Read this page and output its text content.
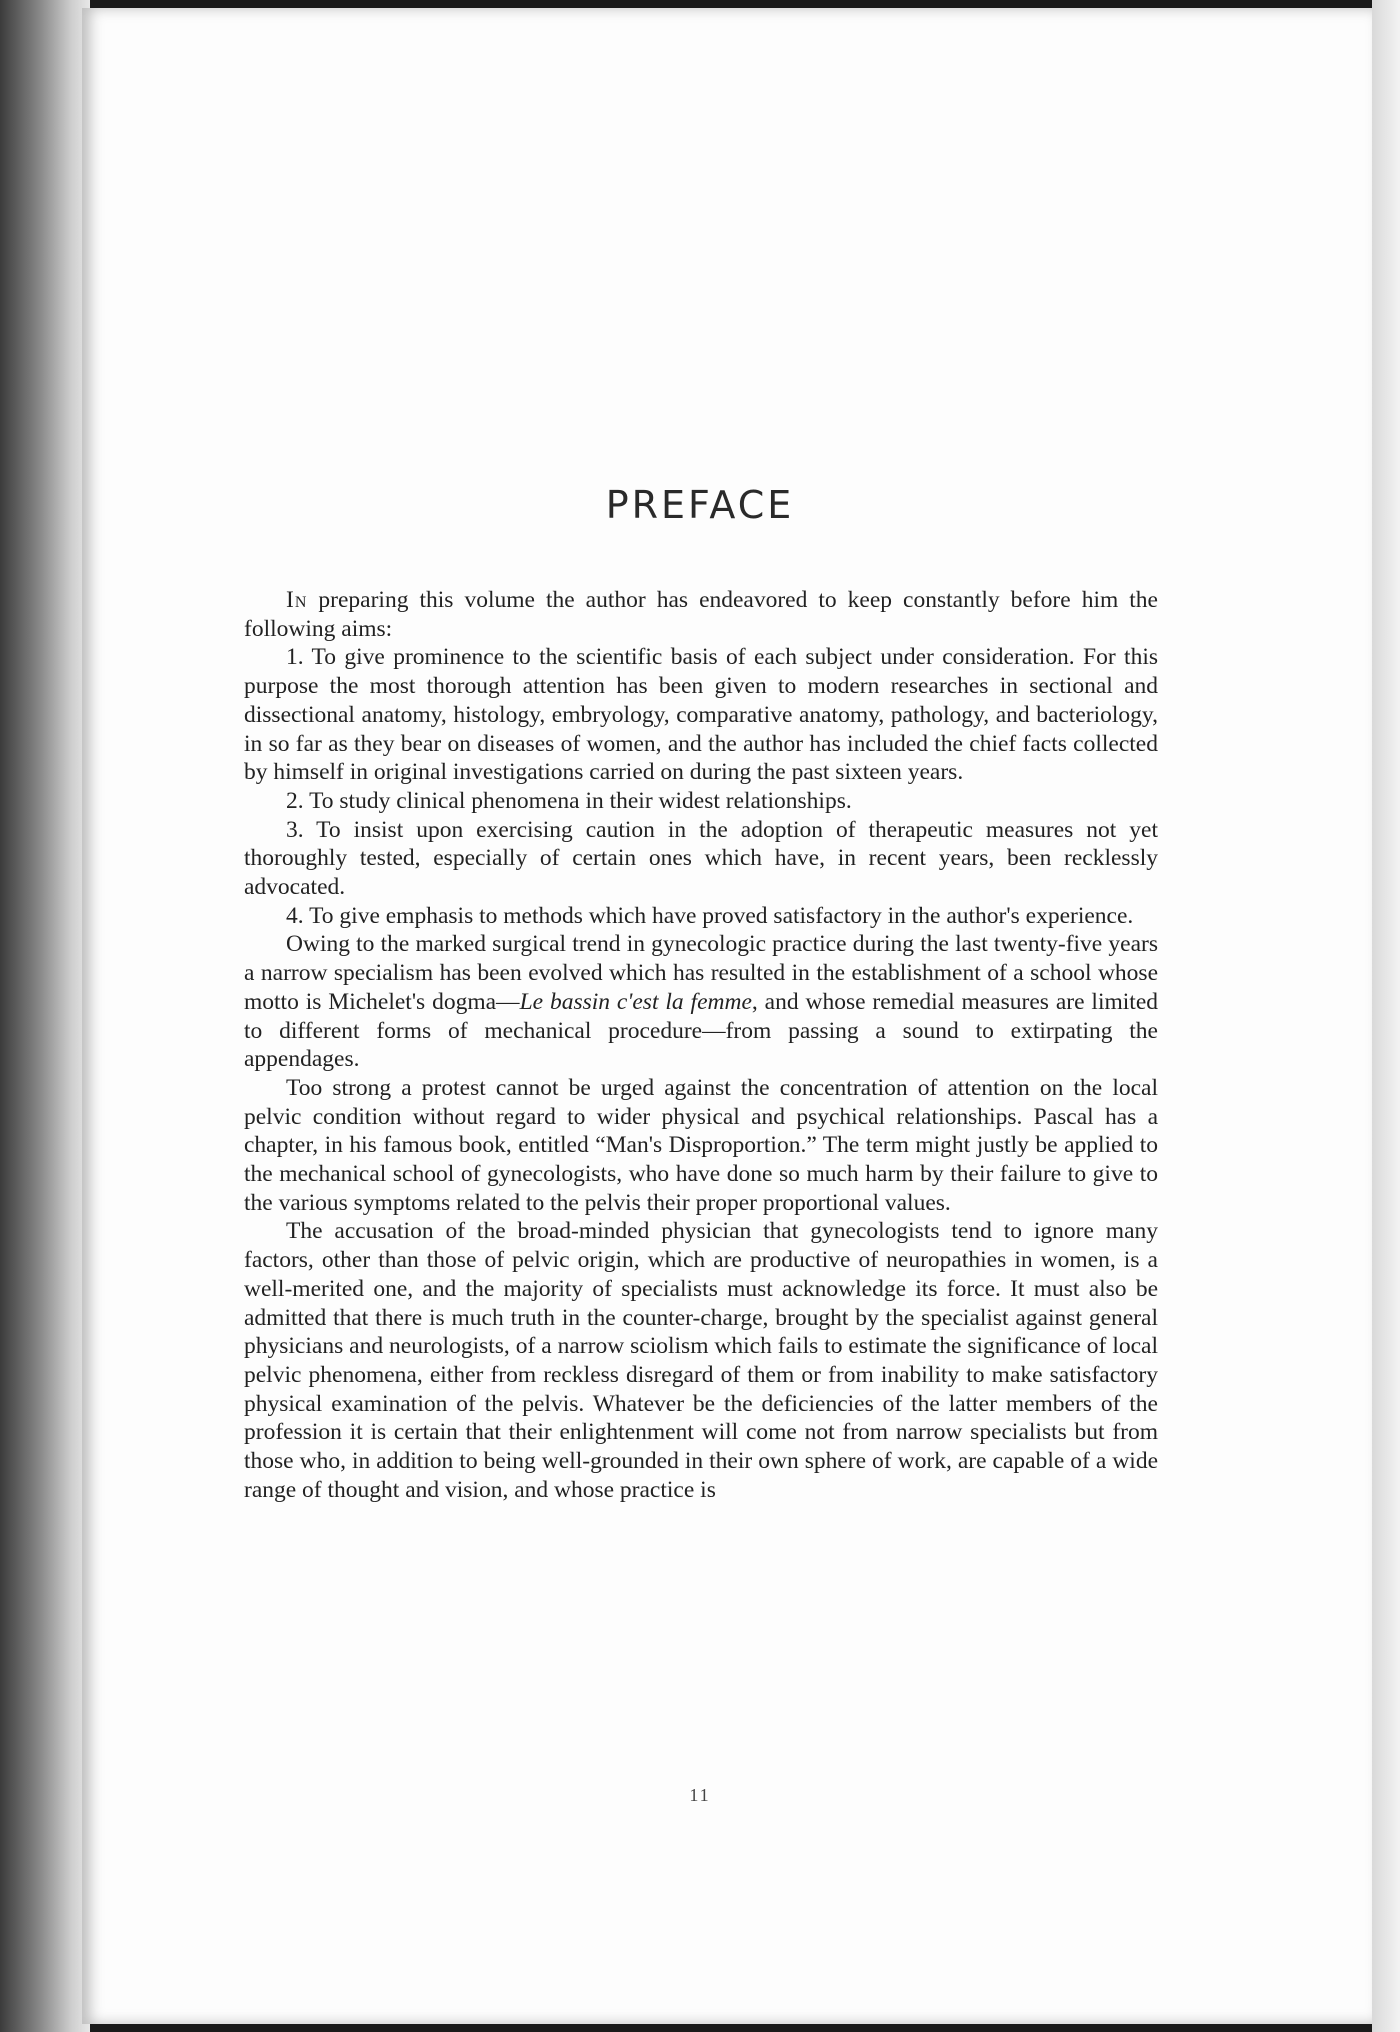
PREFACE

In preparing this volume the author has endeavored to keep constantly before him the following aims:

1. To give prominence to the scientific basis of each subject under consideration. For this purpose the most thorough attention has been given to modern researches in sectional and dissectional anatomy, histology, embryology, comparative anatomy, pathology, and bacteriology, in so far as they bear on diseases of women, and the author has included the chief facts collected by himself in original investigations carried on during the past sixteen years.

2. To study clinical phenomena in their widest relationships.

3. To insist upon exercising caution in the adoption of therapeutic measures not yet thoroughly tested, especially of certain ones which have, in recent years, been recklessly advocated.

4. To give emphasis to methods which have proved satisfactory in the author's experience.

Owing to the marked surgical trend in gynecologic practice during the last twenty-five years a narrow specialism has been evolved which has resulted in the establishment of a school whose motto is Michelet's dogma—Le bassin c'est la femme, and whose remedial measures are limited to different forms of mechanical procedure—from passing a sound to extirpating the appendages.

Too strong a protest cannot be urged against the concentration of attention on the local pelvic condition without regard to wider physical and psychical relationships. Pascal has a chapter, in his famous book, entitled “Man's Disproportion.” The term might justly be applied to the mechanical school of gynecologists, who have done so much harm by their failure to give to the various symptoms related to the pelvis their proper proportional values.

The accusation of the broad-minded physician that gynecologists tend to ignore many factors, other than those of pelvic origin, which are productive of neuropathies in women, is a well-merited one, and the majority of specialists must acknowledge its force. It must also be admitted that there is much truth in the counter-charge, brought by the specialist against general physicians and neurologists, of a narrow sciolism which fails to estimate the significance of local pelvic phenomena, either from reckless disregard of them or from inability to make satisfactory physical examination of the pelvis. Whatever be the deficiencies of the latter members of the profession it is certain that their enlightenment will come not from narrow specialists but from those who, in addition to being well-grounded in their own sphere of work, are capable of a wide range of thought and vision, and whose practice is

11
